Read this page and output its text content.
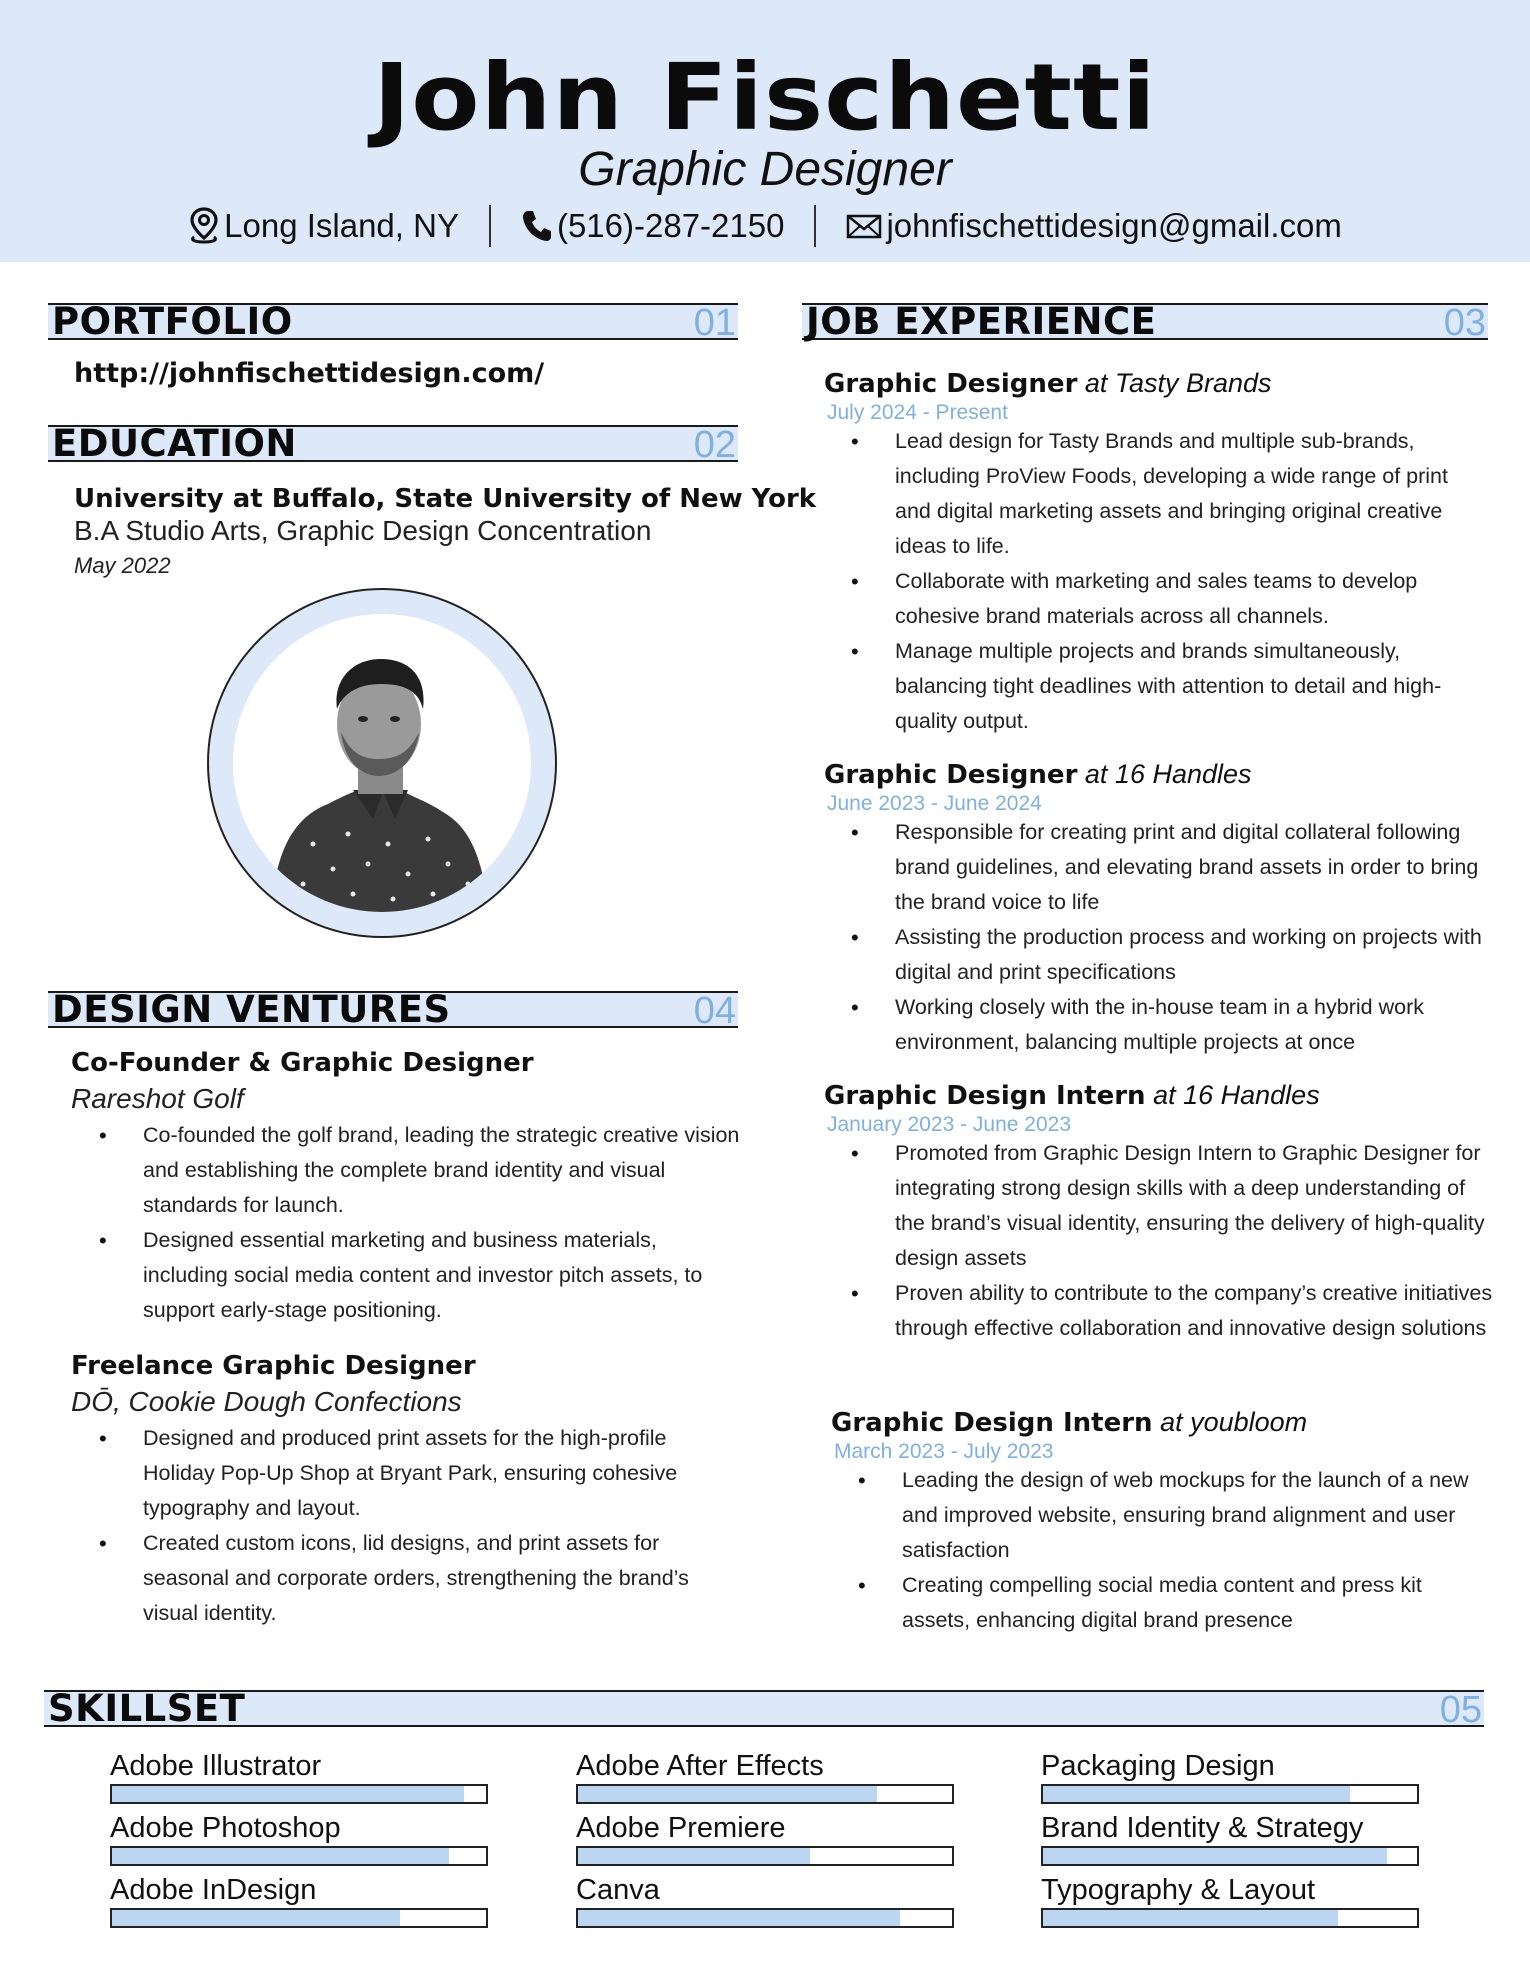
John Fischetti
Graphic Designer
Long Island, NY	(516)-287-2150	johnfischettidesign@gmail.com
PORTFOLIO	01
http://johnfischettidesign.com/
EDUCATION	02
University at Buffalo, State University of New York
B.A Studio Arts, Graphic Design Concentration
May 2022
DESIGN VENTURES	04
Co-Founder & Graphic Designer
Rareshot Golf
• Co-founded the golf brand, leading the strategic creative vision and establishing the complete brand identity and visual standards for launch.
• Designed essential marketing and business materials, including social media content and investor pitch assets, to support early-stage positioning.
Freelance Graphic Designer
DŌ, Cookie Dough Confections
• Designed and produced print assets for the high-profile Holiday Pop-Up Shop at Bryant Park, ensuring cohesive typography and layout.
• Created custom icons, lid designs, and print assets for seasonal and corporate orders, strengthening the brand’s visual identity.
JOB EXPERIENCE	03
Graphic Designer at Tasty Brands
July 2024 - Present
• Lead design for Tasty Brands and multiple sub-brands, including ProView Foods, developing a wide range of print and digital marketing assets and bringing original creative ideas to life.
• Collaborate with marketing and sales teams to develop cohesive brand materials across all channels.
• Manage multiple projects and brands simultaneously, balancing tight deadlines with attention to detail and high-quality output.
Graphic Designer at 16 Handles
June 2023 - June 2024
• Responsible for creating print and digital collateral following brand guidelines, and elevating brand assets in order to bring the brand voice to life
• Assisting the production process and working on projects with digital and print specifications
• Working closely with the in-house team in a hybrid work environment, balancing multiple projects at once
Graphic Design Intern at 16 Handles
January 2023 - June 2023
• Promoted from Graphic Design Intern to Graphic Designer for integrating strong design skills with a deep understanding of the brand’s visual identity, ensuring the delivery of high-quality design assets
• Proven ability to contribute to the company’s creative initiatives through effective collaboration and innovative design solutions
Graphic Design Intern at youbloom
March 2023 - July 2023
• Leading the design of web mockups for the launch of a new and improved website, ensuring brand alignment and user satisfaction
• Creating compelling social media content and press kit assets, enhancing digital brand presence
SKILLSET	05
Adobe Illustrator	Adobe After Effects	Packaging Design
Adobe Photoshop	Adobe Premiere	Brand Identity & Strategy
Adobe InDesign	Canva	Typography & Layout
